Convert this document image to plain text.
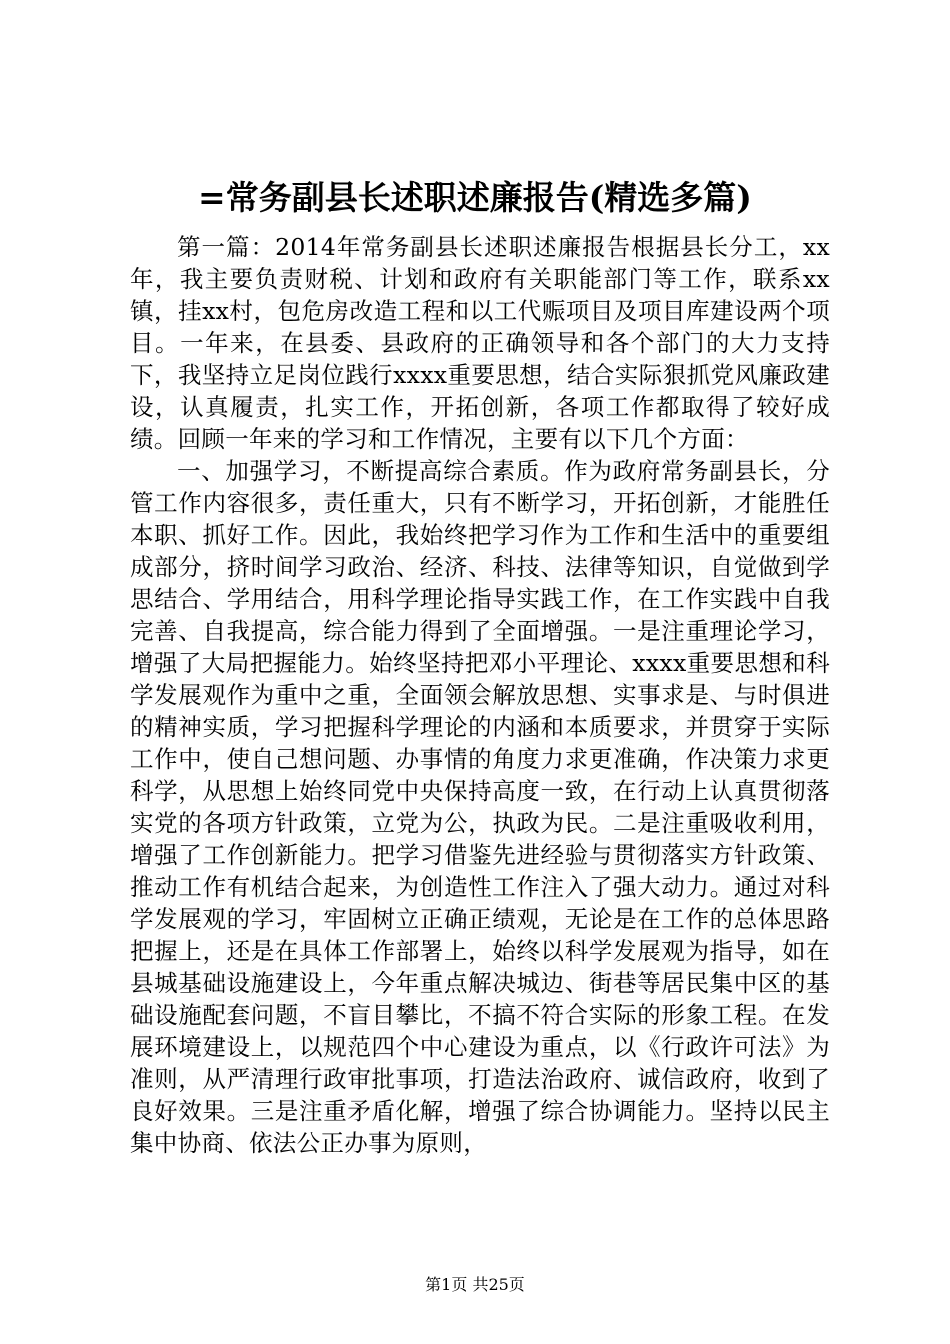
=常务副县长述职述廉报告(精选多篇)

第一篇：2014年常务副县长述职述廉报告根据县长分工，xx年，我主要负责财税、计划和政府有关职能部门等工作，联系xx镇，挂xx村，包危房改造工程和以工代赈项目及项目库建设两个项目。一年来，在县委、县政府的正确领导和各个部门的大力支持下，我坚持立足岗位践行xxxx重要思想，结合实际狠抓党风廉政建设，认真履责，扎实工作，开拓创新，各项工作都取得了较好成绩。回顾一年来的学习和工作情况，主要有以下几个方面：

一、加强学习，不断提高综合素质。作为政府常务副县长，分管工作内容很多，责任重大，只有不断学习，开拓创新，才能胜任本职、抓好工作。因此，我始终把学习作为工作和生活中的重要组成部分，挤时间学习政治、经济、科技、法律等知识，自觉做到学思结合、学用结合，用科学理论指导实践工作，在工作实践中自我完善、自我提高，综合能力得到了全面增强。一是注重理论学习，增强了大局把握能力。始终坚持把邓小平理论、xxxx重要思想和科学发展观作为重中之重，全面领会解放思想、实事求是、与时俱进的精神实质，学习把握科学理论的内涵和本质要求，并贯穿于实际工作中，使自己想问题、办事情的角度力求更准确，作决策力求更科学，从思想上始终同党中央保持高度一致，在行动上认真贯彻落实党的各项方针政策，立党为公，执政为民。二是注重吸收利用，增强了工作创新能力。把学习借鉴先进经验与贯彻落实方针政策、推动工作有机结合起来，为创造性工作注入了强大动力。通过对科学发展观的学习，牢固树立正确正绩观，无论是在工作的总体思路把握上，还是在具体工作部署上，始终以科学发展观为指导，如在县城基础设施建设上，今年重点解决城边、街巷等居民集中区的基础设施配套问题，不盲目攀比，不搞不符合实际的形象工程。在发展环境建设上，以规范四个中心建设为重点，以《行政许可法》为准则，从严清理行政审批事项，打造法治政府、诚信政府，收到了良好效果。三是注重矛盾化解，增强了综合协调能力。坚持以民主集中协商、依法公正办事为原则，

第1页 共25页
